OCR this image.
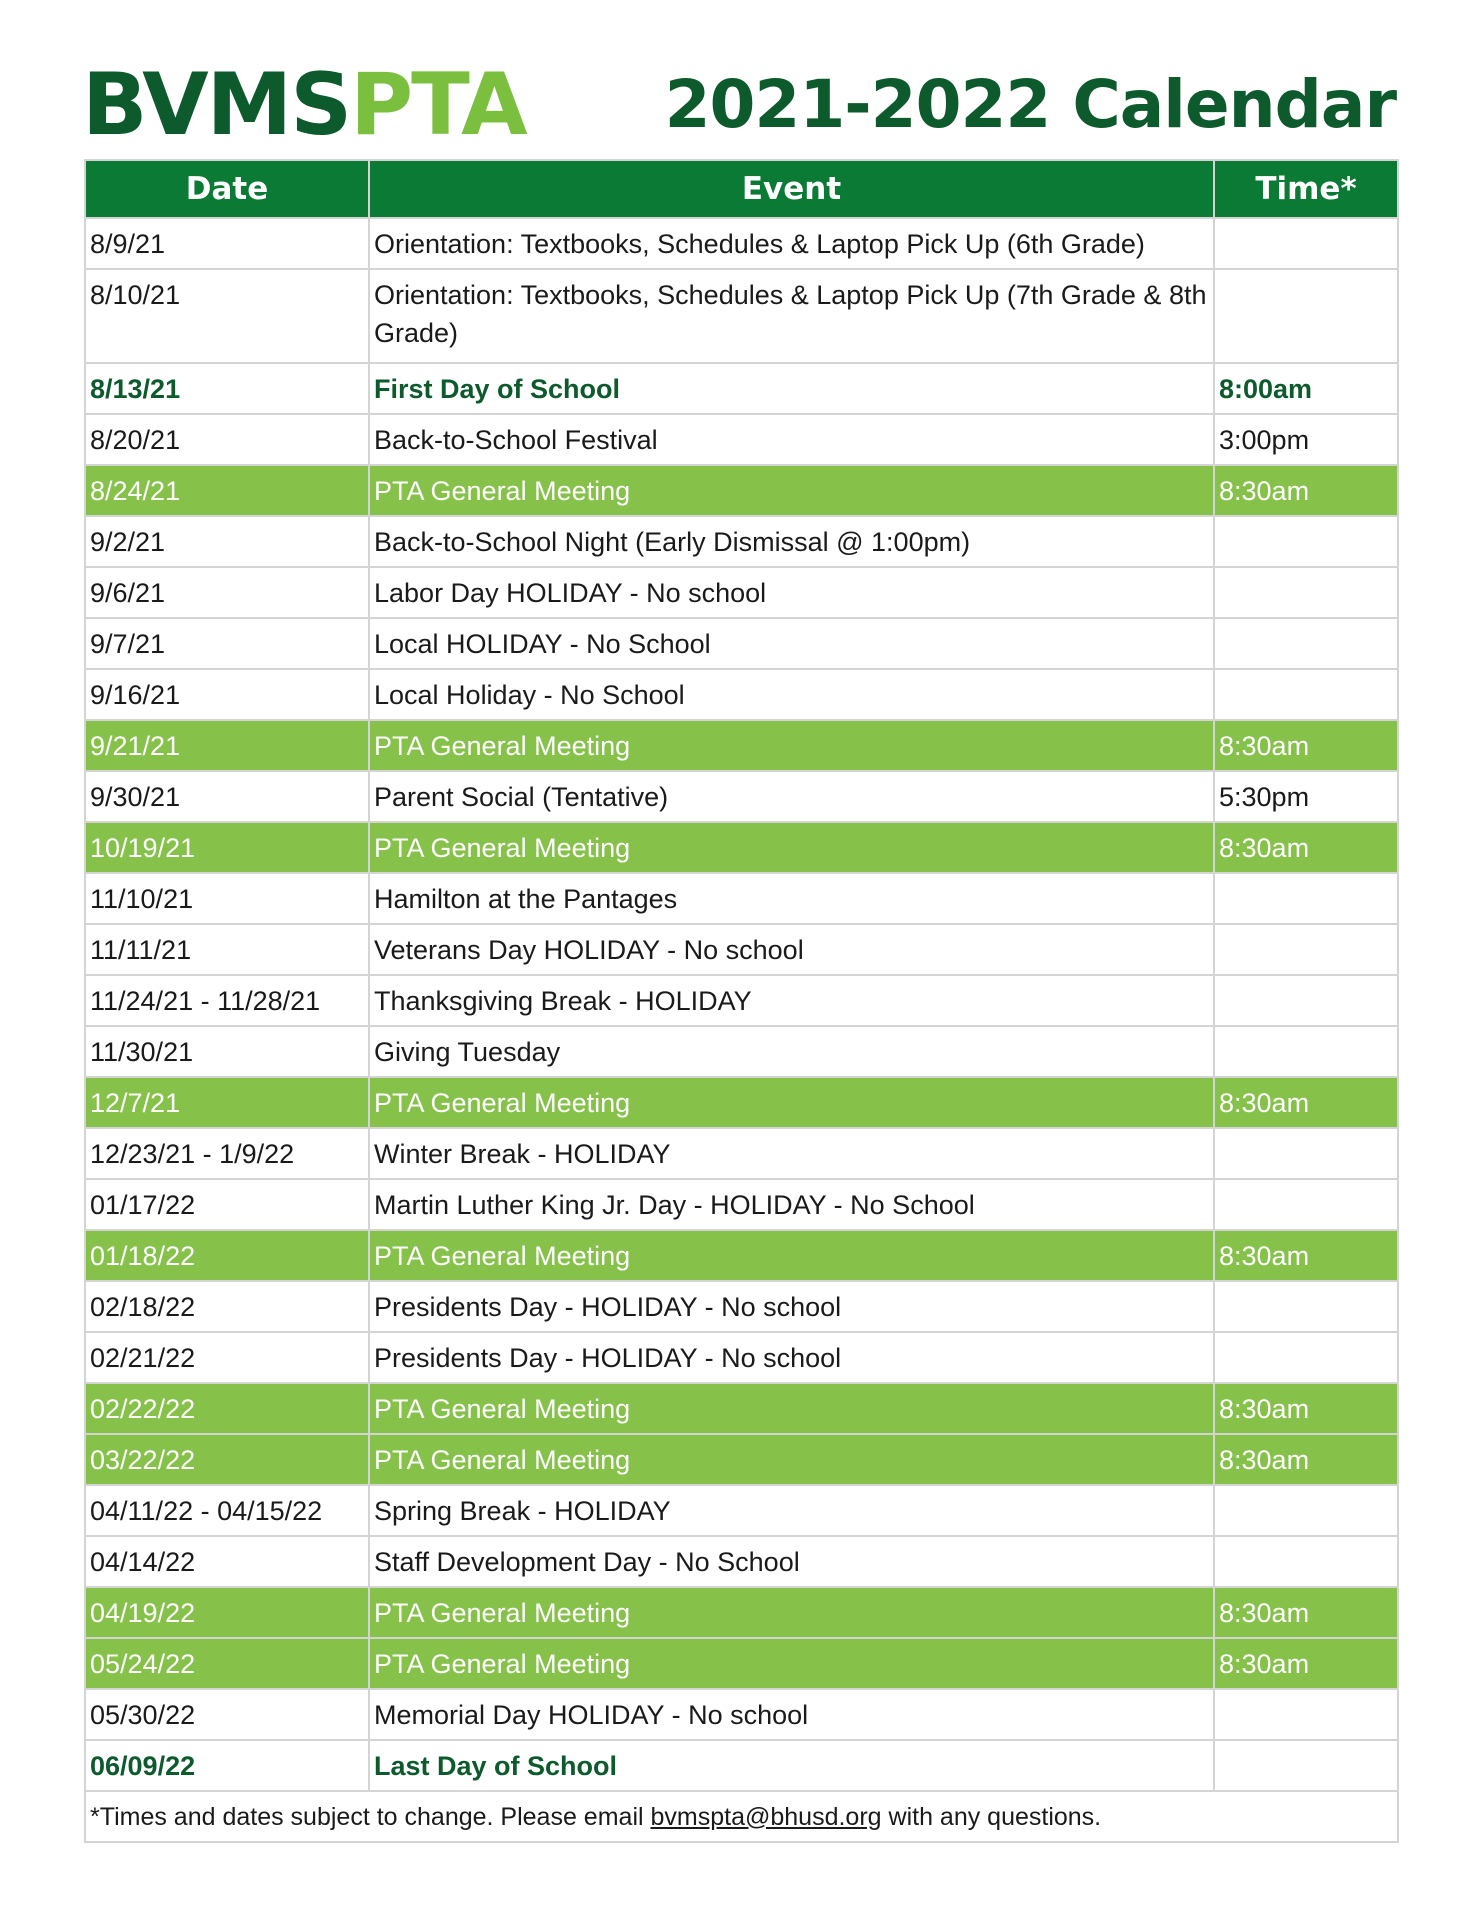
BVMSPTA 2021-2022 Calendar
Date	Event	Time*
8/9/21	Orientation: Textbooks, Schedules & Laptop Pick Up (6th Grade)	
8/10/21	Orientation: Textbooks, Schedules & Laptop Pick Up (7th Grade & 8th Grade)	
8/13/21	First Day of School	8:00am
8/20/21	Back-to-School Festival	3:00pm
8/24/21	PTA General Meeting	8:30am
9/2/21	Back-to-School Night (Early Dismissal @ 1:00pm)	
9/6/21	Labor Day HOLIDAY - No school	
9/7/21	Local HOLIDAY - No School	
9/16/21	Local Holiday - No School	
9/21/21	PTA General Meeting	8:30am
9/30/21	Parent Social (Tentative)	5:30pm
10/19/21	PTA General Meeting	8:30am
11/10/21	Hamilton at the Pantages	
11/11/21	Veterans Day HOLIDAY - No school	
11/24/21 - 11/28/21	Thanksgiving Break - HOLIDAY	
11/30/21	Giving Tuesday	
12/7/21	PTA General Meeting	8:30am
12/23/21 - 1/9/22	Winter Break - HOLIDAY	
01/17/22	Martin Luther King Jr. Day - HOLIDAY - No School	
01/18/22	PTA General Meeting	8:30am
02/18/22	Presidents Day - HOLIDAY - No school	
02/21/22	Presidents Day - HOLIDAY - No school	
02/22/22	PTA General Meeting	8:30am
03/22/22	PTA General Meeting	8:30am
04/11/22 - 04/15/22	Spring Break - HOLIDAY	
04/14/22	Staff Development Day - No School	
04/19/22	PTA General Meeting	8:30am
05/24/22	PTA General Meeting	8:30am
05/30/22	Memorial Day HOLIDAY - No school	
06/09/22	Last Day of School	
*Times and dates subject to change. Please email bvmspta@bhusd.org with any questions.		
